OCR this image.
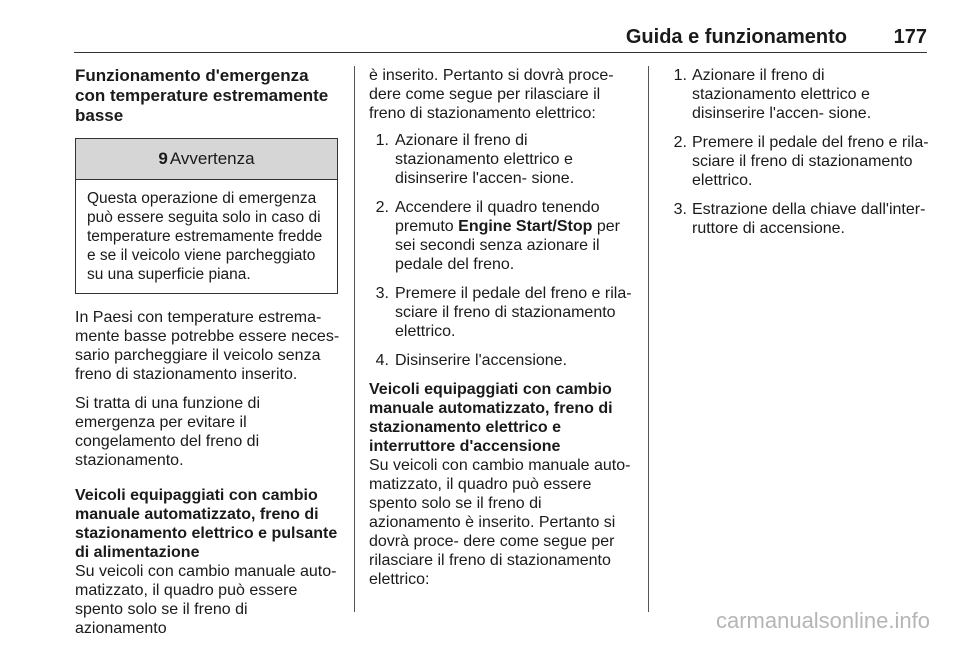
Guida e funzionamento 177
Funzionamento d'emergenza con temperature estremamente basse
9 Avvertenza
Questa operazione di emergenza può essere seguita solo in caso di temperature estremamente fredde e se il veicolo viene parcheggiato su una superficie piana.

In Paesi con temperature estrema- mente basse potrebbe essere neces- sario parcheggiare il veicolo senza freno di stazionamento inserito.

Si tratta di una funzione di emergenza per evitare il congelamento del freno di stazionamento.

Veicoli equipaggiati con cambio manuale automatizzato, freno di stazionamento elettrico e pulsante di alimentazione

Su veicoli con cambio manuale auto- matizzato, il quadro può essere spento solo se il freno di azionamento

è inserito. Pertanto si dovrà proce- dere come segue per rilasciare il freno di stazionamento elettrico:

1. Azionare il freno di stazionamento elettrico e disinserire l'accen- sione.
2. Accendere il quadro tenendo premuto Engine Start/Stop per sei secondi senza azionare il pedale del freno.
3. Premere il pedale del freno e rila- sciare il freno di stazionamento elettrico.
4. Disinserire l'accensione.
Veicoli equipaggiati con cambio manuale automatizzato, freno di stazionamento elettrico e interruttore d'accensione

Su veicoli con cambio manuale auto- matizzato, il quadro può essere spento solo se il freno di azionamento è inserito. Pertanto si dovrà proce- dere come segue per rilasciare il freno di stazionamento elettrico:

1. Azionare il freno di stazionamento elettrico e disinserire l'accen- sione.
2. Premere il pedale del freno e rila- sciare il freno di stazionamento elettrico.
3. Estrazione della chiave dall'inter- ruttore di accensione.
carmanualsonline.info
